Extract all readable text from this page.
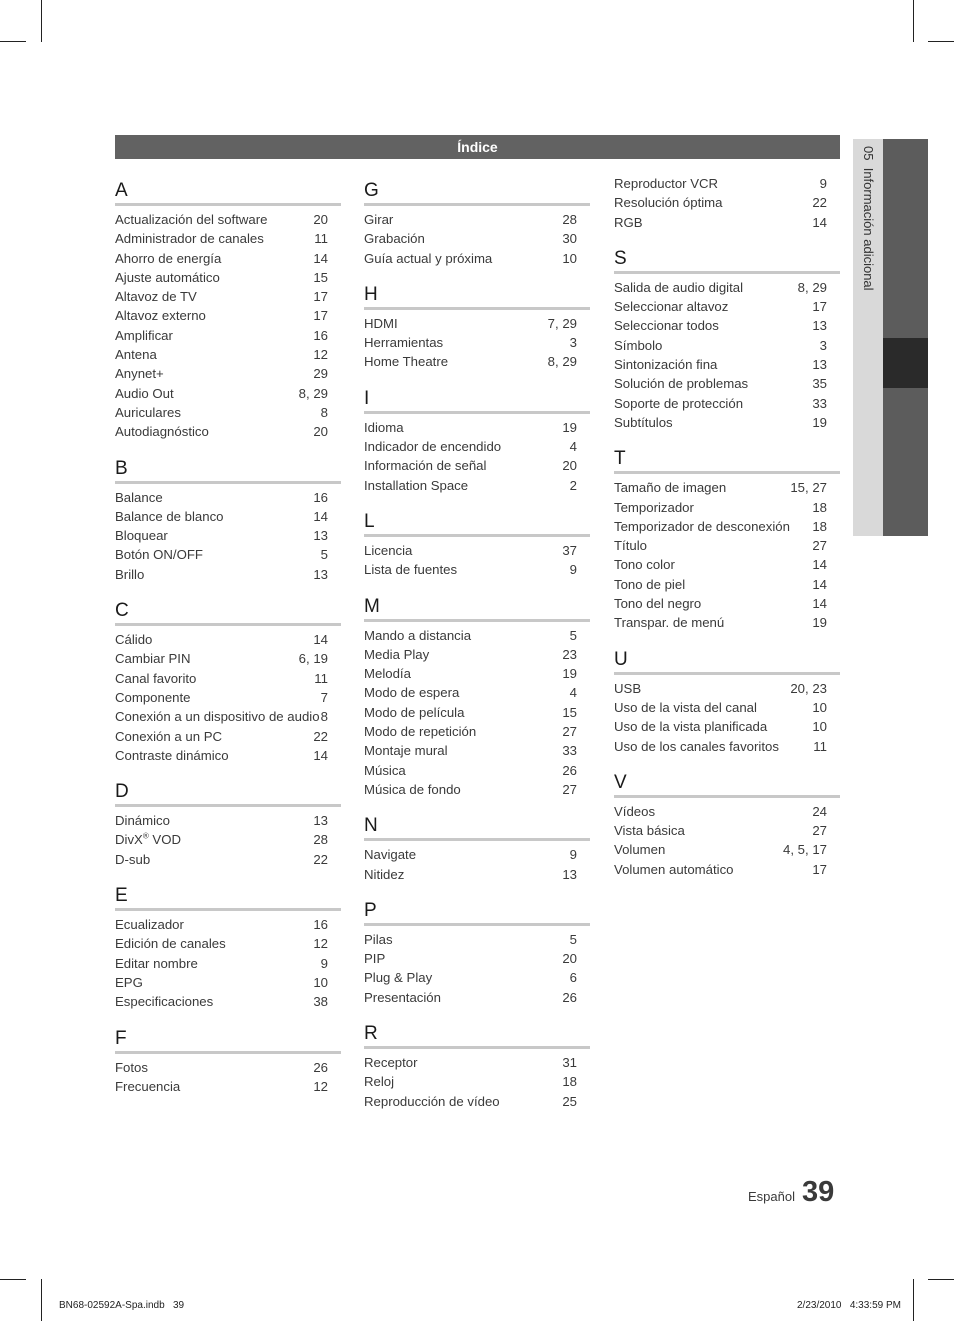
Índice
A
Actualización del software	20
Administrador de canales	11
Ahorro de energía	14
Ajuste automático	15
Altavoz de TV	17
Altavoz externo	17
Amplificar	16
Antena	12
Anynet+	29
Audio Out	8, 29
Auriculares	8
Autodiagnóstico	20
B
Balance	16
Balance de blanco	14
Bloquear	13
Botón ON/OFF	5
Brillo	13
C
Cálido	14
Cambiar PIN	6, 19
Canal favorito	11
Componente	7
Conexión a un dispositivo de audio 8
Conexión a un PC	22
Contraste dinámico	14
D
Dinámico	13
DivX® VOD	28
D-sub	22
E
Ecualizador	16
Edición de canales	12
Editar nombre	9
EPG	10
Especificaciones	38
F
Fotos	26
Frecuencia	12
G
Girar	28
Grabación	30
Guía actual y próxima	10
H
HDMI	7, 29
Herramientas	3
Home Theatre	8, 29
I
Idioma	19
Indicador de encendido	4
Información de señal	20
Installation Space	2
L
Licencia	37
Lista de fuentes	9
M
Mando a distancia	5
Media Play	23
Melodía	19
Modo de espera	4
Modo de película	15
Modo de repetición	27
Montaje mural	33
Música	26
Música de fondo	27
N
Navigate	9
Nitidez	13
P
Pilas	5
PIP	20
Plug & Play	6
Presentación	26
R
Receptor	31
Reloj	18
Reproducción de vídeo	25
Reproductor VCR	9
Resolución óptima	22
RGB	14
S
Salida de audio digital	8, 29
Seleccionar altavoz	17
Seleccionar todos	13
Símbolo	3
Sintonización fina	13
Solución de problemas	35
Soporte de protección	33
Subtítulos	19
T
Tamaño de imagen	15, 27
Temporizador	18
Temporizador de desconexión 18
Título	27
Tono color	14
Tono de piel	14
Tono del negro	14
Transpar. de menú	19
U
USB	20, 23
Uso de la vista del canal	10
Uso de la vista planificada	10
Uso de los canales favoritos	11
V
Vídeos	24
Vista básica	27
Volumen	4, 5, 17
Volumen automático	17
05  Información adicional
Español 39
BN68-02592A-Spa.indb   39	2/23/2010   4:33:59 PM
